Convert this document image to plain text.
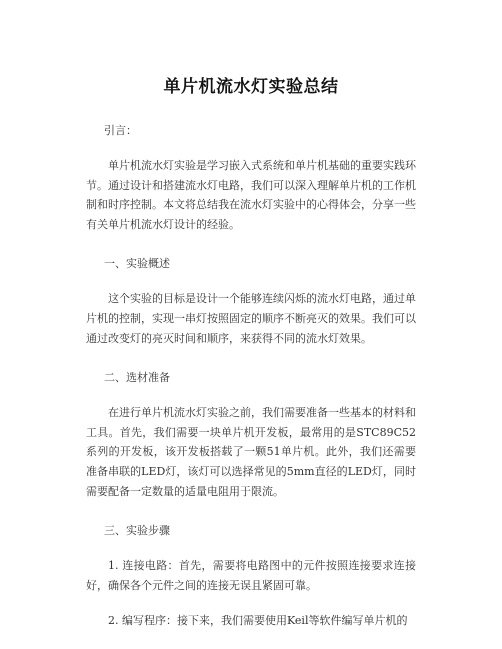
单片机流水灯实验总结

引言：

单片机流水灯实验是学习嵌入式系统和单片机基础的重要实践环节。通过设计和搭建流水灯电路，我们可以深入理解单片机的工作机制和时序控制。本文将总结我在流水灯实验中的心得体会，分享一些有关单片机流水灯设计的经验。

一、实验概述

这个实验的目标是设计一个能够连续闪烁的流水灯电路，通过单片机的控制，实现一串灯按照固定的顺序不断亮灭的效果。我们可以通过改变灯的亮灭时间和顺序，来获得不同的流水灯效果。

二、选材准备

在进行单片机流水灯实验之前，我们需要准备一些基本的材料和工具。首先，我们需要一块单片机开发板，最常用的是STC89C52系列的开发板，该开发板搭载了一颗51单片机。此外，我们还需要准备串联的LED灯，该灯可以选择常见的5mm直径的LED灯，同时需要配备一定数量的适量电阻用于限流。

三、实验步骤

1. 连接电路：首先，需要将电路图中的元件按照连接要求连接好，确保各个元件之间的连接无误且紧固可靠。

2. 编写程序：接下来，我们需要使用Keil等软件编写单片机的
